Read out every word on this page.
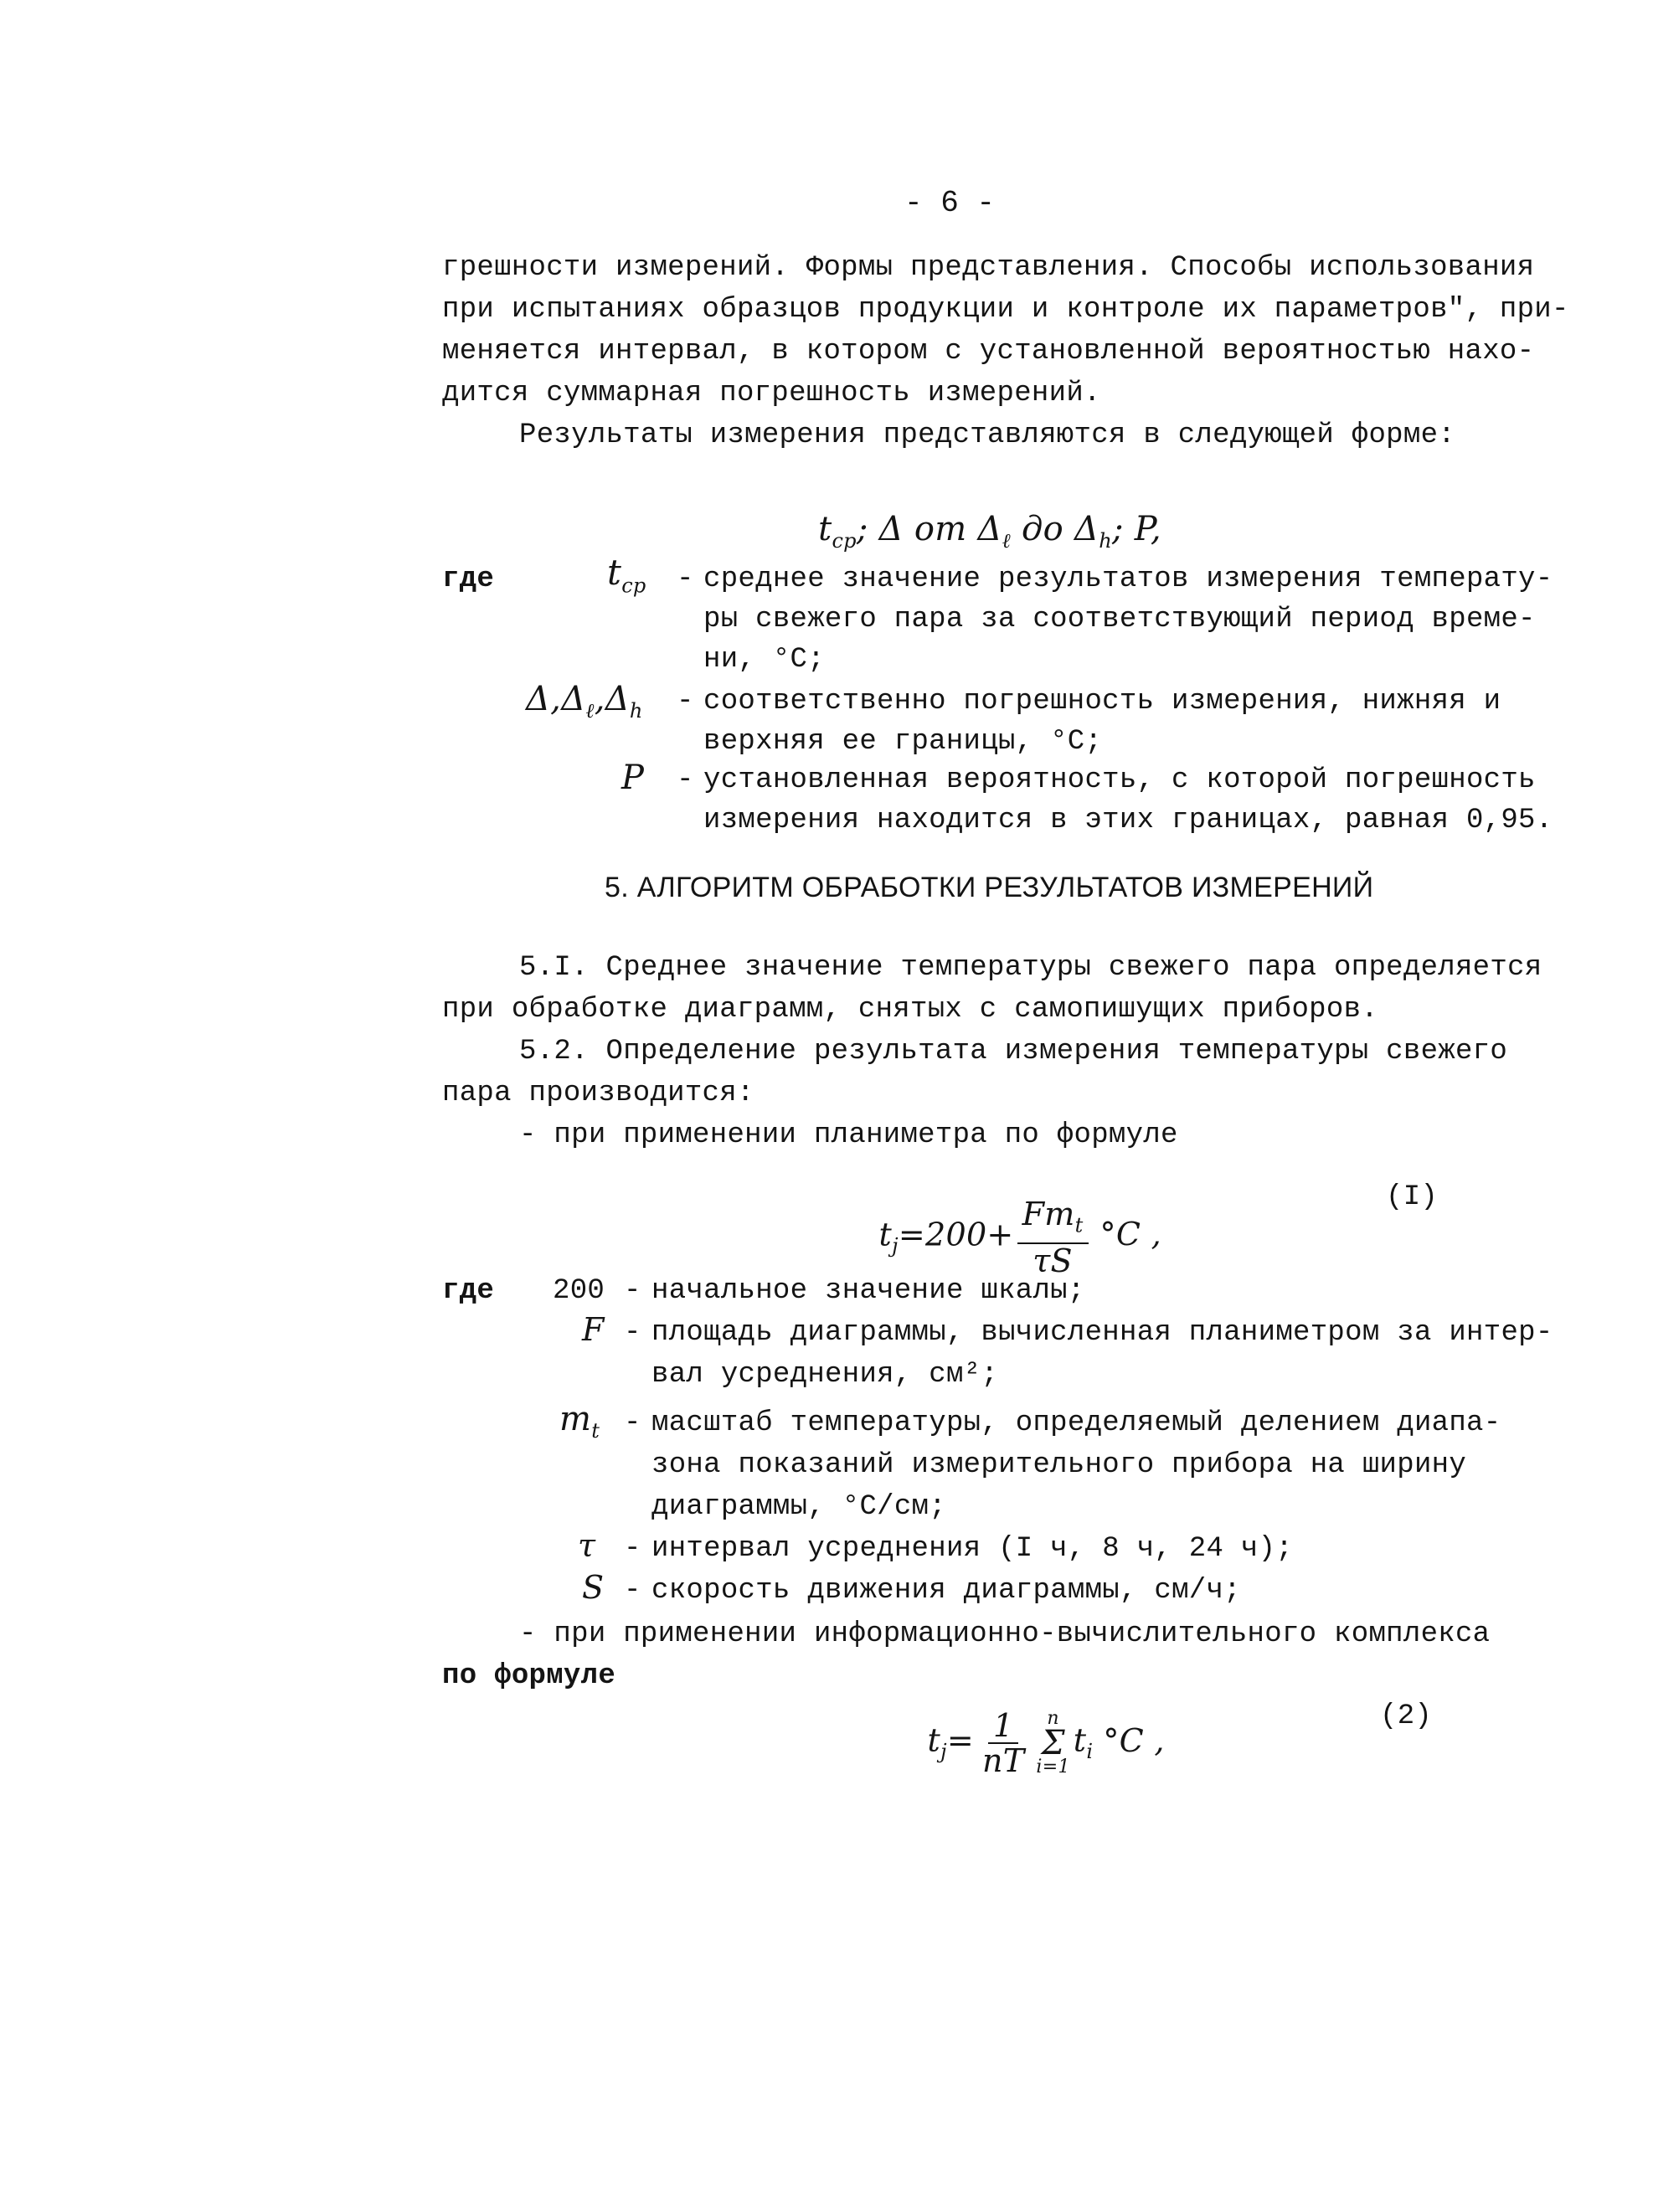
- 6 -
грешности измерений. Формы представления. Способы использования
при испытаниях образцов продукции и контроле их параметров", при-
меняется интервал, в котором с установленной вероятностью нахо-
дится суммарная погрешность измерений.
Результаты измерения представляются в следующей форме:

$t_{cp}$; Δ от $\Delta_\ell$ до $\Delta_h$; P,

где	$t_{cp}$ - среднее значение результатов измерения температу-
ры свежего пара за соответствующий период време-
ни, °C;
$\Delta,\Delta_\ell,\Delta_h$ - соответственно погрешность измерения, нижняя и
верхняя ее границы, °C;
P - установленная вероятность, с которой погрешность
измерения находится в этих границах, равная 0,95.
5. АЛГОРИТМ ОБРАБОТКИ РЕЗУЛЬТАТОВ ИЗМЕРЕНИЙ
5.I. Среднее значение температуры свежего пара определяется
при обработке диаграмм, снятых с самопишущих приборов.
5.2. Определение результата измерения температуры свежего
пара производится:
- при применении планиметра по формуле

$t_j=200+ \frac{Fm_t}{\tau S} ^\circ C$ ,

(I)
где 200 - начальное значение шкалы;
F - площадь диаграммы, вычисленная планиметром за интер-
вал усреднения, см²;
$m_t$ - масштаб температуры, определяемый делением диапа-
зона показаний измерительного прибора на ширину
диаграммы, °C/см;
τ - интервал усреднения (I ч, 8 ч, 24 ч);
S - скорость движения диаграммы, см/ч;
- при применении информационно-вычислительного комплекса
по формуле

$t_j= \frac{1}{nT}$ n
Σ
i=1
$t_i$ °C ,

(2)
